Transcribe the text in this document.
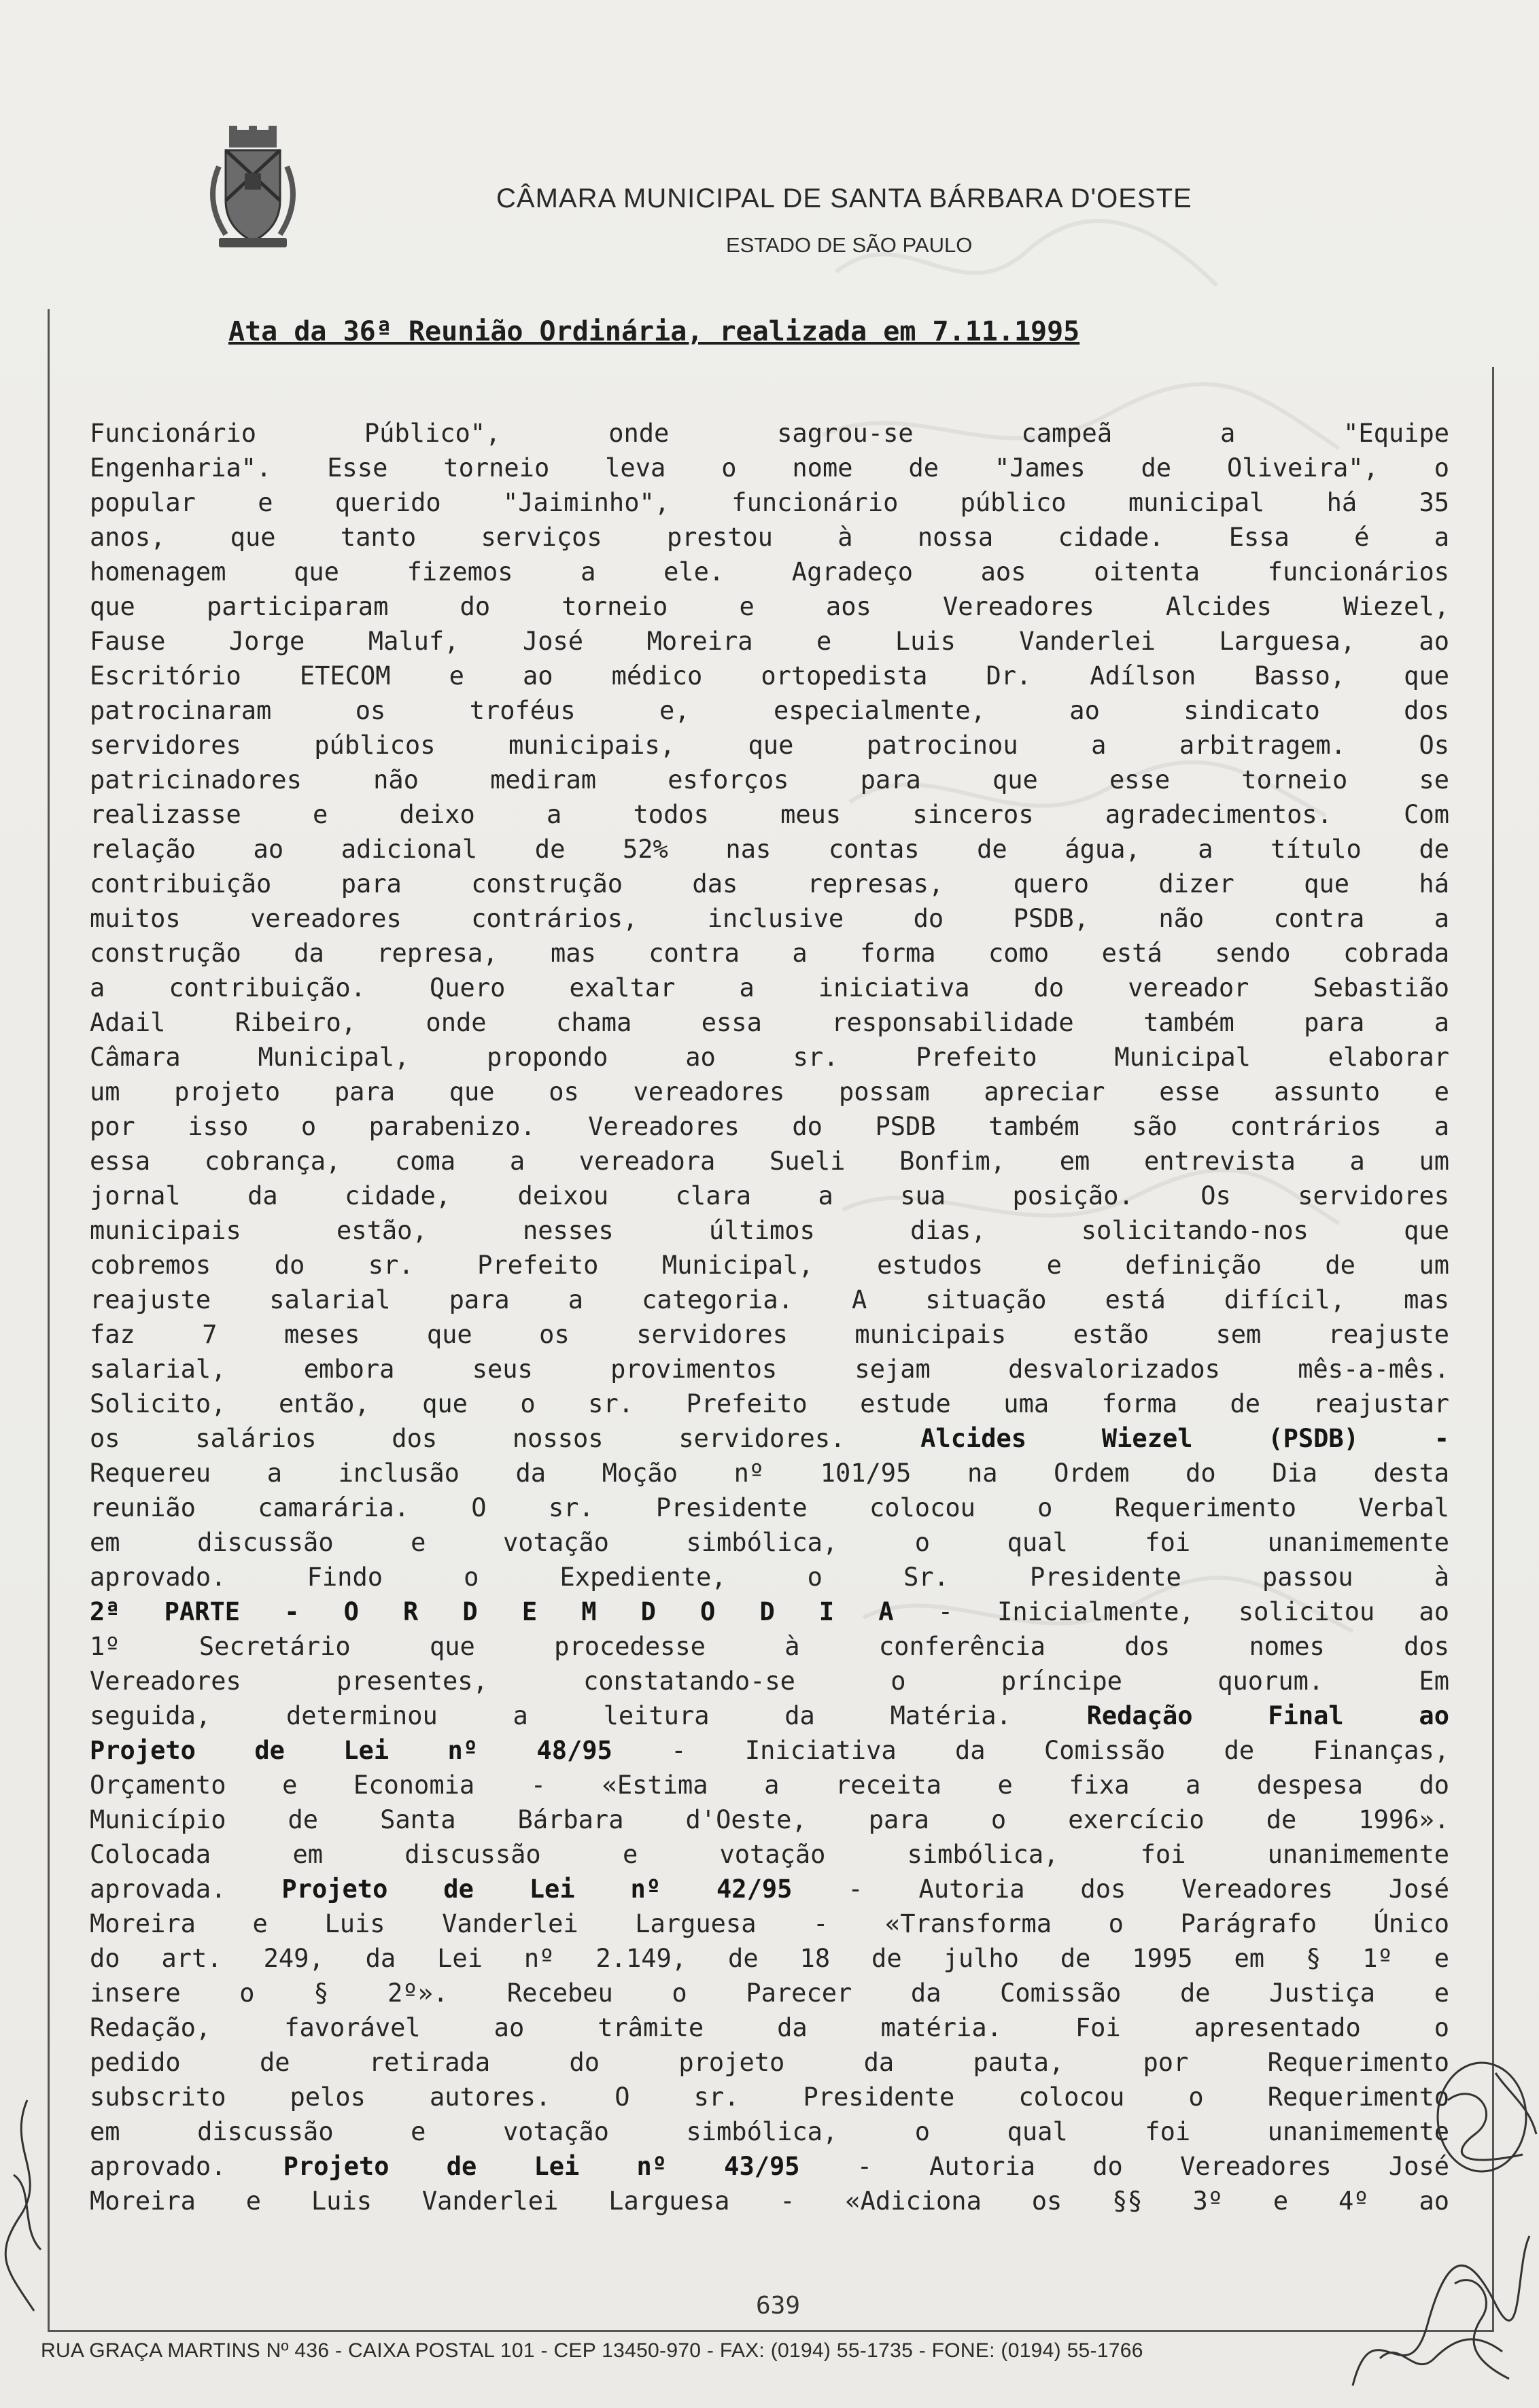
CÂMARA MUNICIPAL DE SANTA BÁRBARA D'OESTE
ESTADO DE SÃO PAULO
Ata da 36ª Reunião Ordinária, realizada em 7.11.1995
Funcionário Público", onde sagrou-se campeã a "Equipe
Engenharia". Esse torneio leva o nome de "James de Oliveira", o
popular e querido "Jaiminho", funcionário público municipal há 35
anos, que tanto serviços prestou à nossa cidade. Essa é a
homenagem que fizemos a ele. Agradeço aos oitenta funcionários
que participaram do torneio e aos Vereadores Alcides Wiezel,
Fause Jorge Maluf, José Moreira e Luis Vanderlei Larguesa, ao
Escritório ETECOM e ao médico ortopedista Dr. Adílson Basso, que
patrocinaram os troféus e, especialmente, ao sindicato dos
servidores públicos municipais, que patrocinou a arbitragem. Os
patricinadores não mediram esforços para que esse torneio se
realizasse e deixo a todos meus sinceros agradecimentos. Com
relação ao adicional de 52% nas contas de água, a título de
contribuição para construção das represas, quero dizer que há
muitos vereadores contrários, inclusive do PSDB, não contra a
construção da represa, mas contra a forma como está sendo cobrada
a contribuição. Quero exaltar a iniciativa do vereador Sebastião
Adail Ribeiro, onde chama essa responsabilidade também para a
Câmara Municipal, propondo ao sr. Prefeito Municipal elaborar
um projeto para que os vereadores possam apreciar esse assunto e
por isso o parabenizo. Vereadores do PSDB também são contrários a
essa cobrança, coma a vereadora Sueli Bonfim, em entrevista a um
jornal da cidade, deixou clara a sua posição. Os servidores
municipais estão, nesses últimos dias, solicitando-nos que
cobremos do sr. Prefeito Municipal, estudos e definição de um
reajuste salarial para a categoria. A situação está difícil, mas
faz 7 meses que os servidores municipais estão sem reajuste
salarial, embora seus provimentos sejam desvalorizados mês-a-mês.
Solicito, então, que o sr. Prefeito estude uma forma de reajustar
os salários dos nossos servidores. Alcides Wiezel (PSDB) -
Requereu a inclusão da Moção nº 101/95 na Ordem do Dia desta
reunião camarária. O sr. Presidente colocou o Requerimento Verbal
em discussão e votação simbólica, o qual foi unanimemente
aprovado. Findo o Expediente, o Sr. Presidente passou à
2ª PARTE - O R D E M D O D I A - Inicialmente, solicitou ao
1º Secretário que procedesse à conferência dos nomes dos
Vereadores presentes, constatando-se o príncipe quorum. Em
seguida, determinou a leitura da Matéria. Redação Final ao
Projeto de Lei nº 48/95 - Iniciativa da Comissão de Finanças,
Orçamento e Economia - «Estima a receita e fixa a despesa do
Município de Santa Bárbara d'Oeste, para o exercício de 1996».
Colocada em discussão e votação simbólica, foi unanimemente
aprovada. Projeto de Lei nº 42/95 - Autoria dos Vereadores José
Moreira e Luis Vanderlei Larguesa - «Transforma o Parágrafo Único
do art. 249, da Lei nº 2.149, de 18 de julho de 1995 em § 1º e
insere o § 2º». Recebeu o Parecer da Comissão de Justiça e
Redação, favorável ao trâmite da matéria. Foi apresentado o
pedido de retirada do projeto da pauta, por Requerimento
subscrito pelos autores. O sr. Presidente colocou o Requerimento
em discussão e votação simbólica, o qual foi unanimemente
aprovado. Projeto de Lei nº 43/95 - Autoria do Vereadores José
Moreira e Luis Vanderlei Larguesa - «Adiciona os §§ 3º e 4º ao
639
RUA GRAÇA MARTINS Nº 436 - CAIXA POSTAL 101 - CEP 13450-970 - FAX: (0194) 55-1735 - FONE: (0194) 55-1766
